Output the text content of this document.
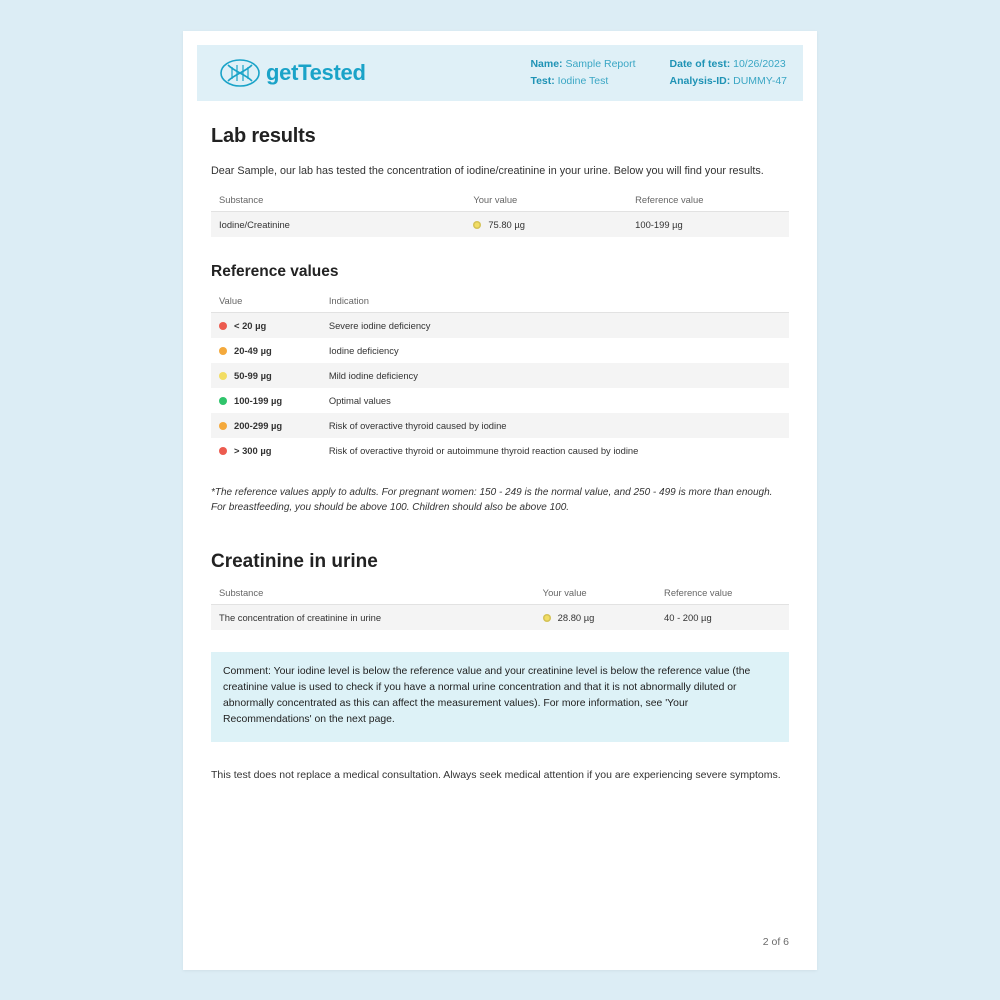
getTested	Name: Sample Report
Test: Iodine Test
Date of test: 10/26/2023
Analysis-ID: DUMMY-47
Lab results

Dear Sample, our lab has tested the concentration of iodine/creatinine in your urine. Below you will find your results.

Substance	Your value	Reference value
Iodine/Creatinine	75.80 µg	100-199 µg
Reference values
Value	Indication
< 20 µg	Severe iodine deficiency
20-49 µg	Iodine deficiency
50-99 µg	Mild iodine deficiency
100-199 µg	Optimal values
200-299 µg	Risk of overactive thyroid caused by iodine
> 300 µg	Risk of overactive thyroid or autoimmune thyroid reaction caused by iodine

*The reference values apply to adults. For pregnant women: 150 - 249 is the normal value, and 250 - 499 is more than enough. For breastfeeding, you should be above 100. Children should also be above 100.

Creatinine in urine
Substance	Your value	Reference value
The concentration of creatinine in urine	28.80 µg	40 - 200 µg
Comment: Your iodine level is below the reference value and your creatinine level is below the reference value (the creatinine value is used to check if you have a normal urine concentration and that it is not abnormally diluted or abnormally concentrated as this can affect the measurement values). For more information, see 'Your Recommendations' on the next page.

This test does not replace a medical consultation. Always seek medical attention if you are experiencing severe symptoms.

2 of 6
